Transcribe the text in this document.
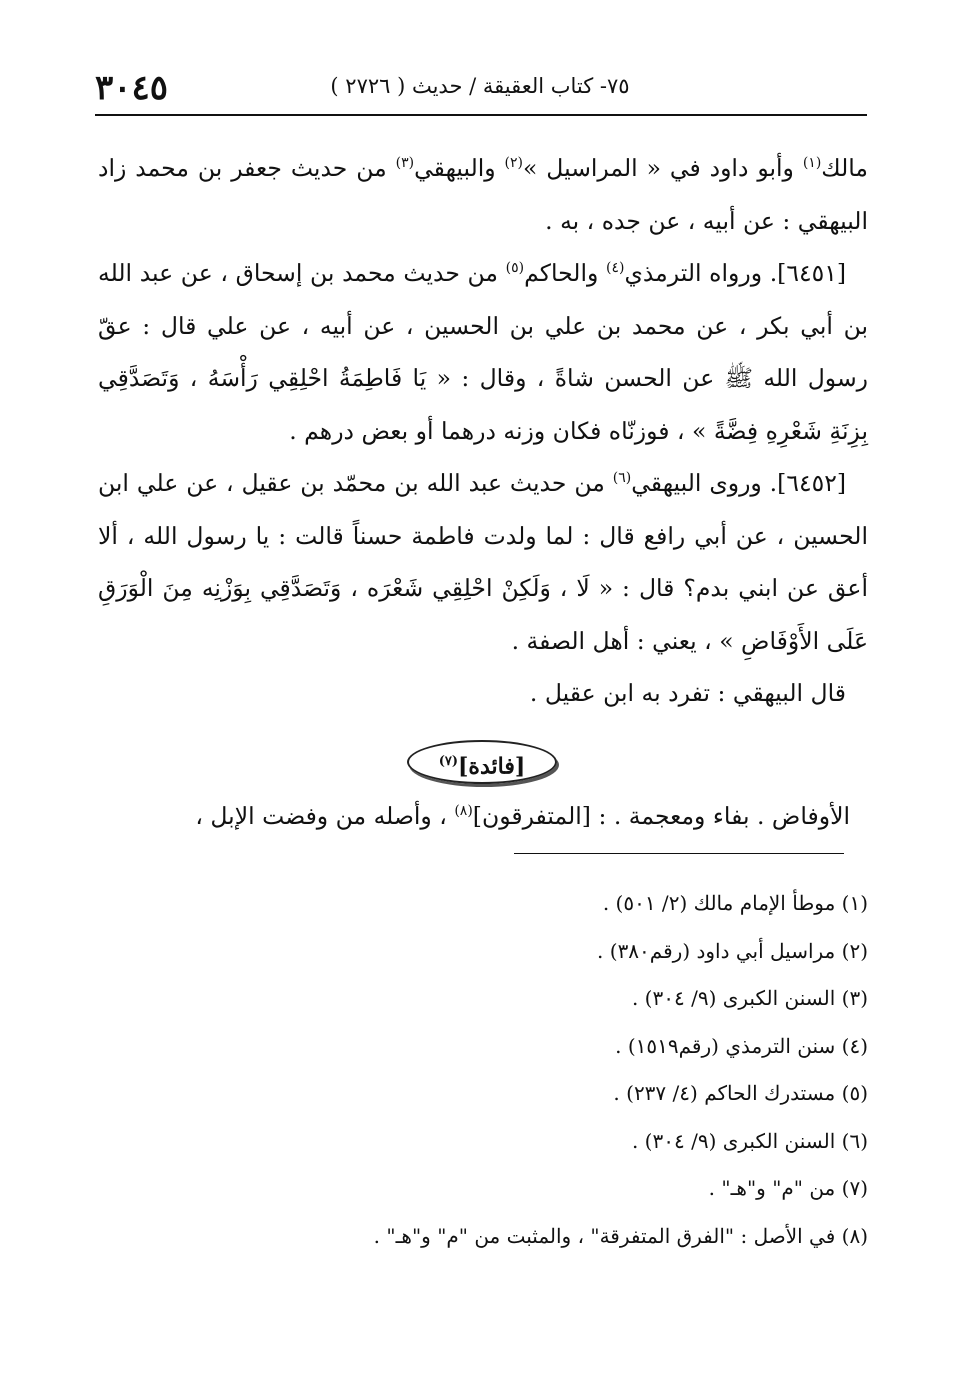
٣٠٤٥	٧٥- كتاب العقيقة / حديث ( ٢٧٢٦ )

مالك$^{(١)}$ وأبو داود في « المراسيل »$^{(٢)}$ والبيهقي$^{(٣)}$ من حديث جعفر بن محمد زاد البيهقي : عن أبيه ، عن جده ، به .

[٦٤٥١]. ورواه الترمذي$^{(٤)}$ والحاكم$^{(٥)}$ من حديث محمد بن إسحاق ، عن عبد الله بن أبي بكر ، عن محمد بن علي بن الحسين ، عن أبيه ، عن علي قال : عقّ رسول الله ﷺ عن الحسن شاةً ، وقال : « يَا فَاطِمَةُ احْلِقِي رَأْسَهُ ، وَتَصَدَّقِي بِزِنَةِ شَعْرِهِ فِضَّةً » ، فوزنّاه فكان وزنه درهما أو بعض درهم .

[٦٤٥٢]. وروى البيهقي$^{(٦)}$ من حديث عبد الله بن محمّد بن عقيل ، عن علي ابن الحسين ، عن أبي رافع قال : لما ولدت فاطمة حسناً قالت : يا رسول الله ، ألا أعق عن ابني بدم؟ قال : « لَا ، وَلَكِنْ احْلِقِي شَعْرَه ، وَتَصَدَّقِي بِوَزْنِه مِنَ الْوَرَقِ عَلَى الأَوْفَاضِ » ، يعني : أهل الصفة .

قال البيهقي : تفرد به ابن عقيل .

[فائدة]$^{(٧)}$
الأوفاض . بفاء ومعجمة . : [المتفرقون]$^{(٨)}$ ، وأصله من وفضت الإبل ،
(١) موطأ الإمام مالك (٢/ ٥٠١) .
(٢) مراسيل أبي داود (رقم٣٨٠) .
(٣) السنن الكبرى (٩/ ٣٠٤) .
(٤) سنن الترمذي (رقم١٥١٩) .
(٥) مستدرك الحاكم (٤/ ٢٣٧) .
(٦) السنن الكبرى (٩/ ٣٠٤) .
(٧) من "م" و"هـ" .
(٨) في الأصل : "الفرق المتفرقة" ، والمثبت من "م" و"هـ" .
